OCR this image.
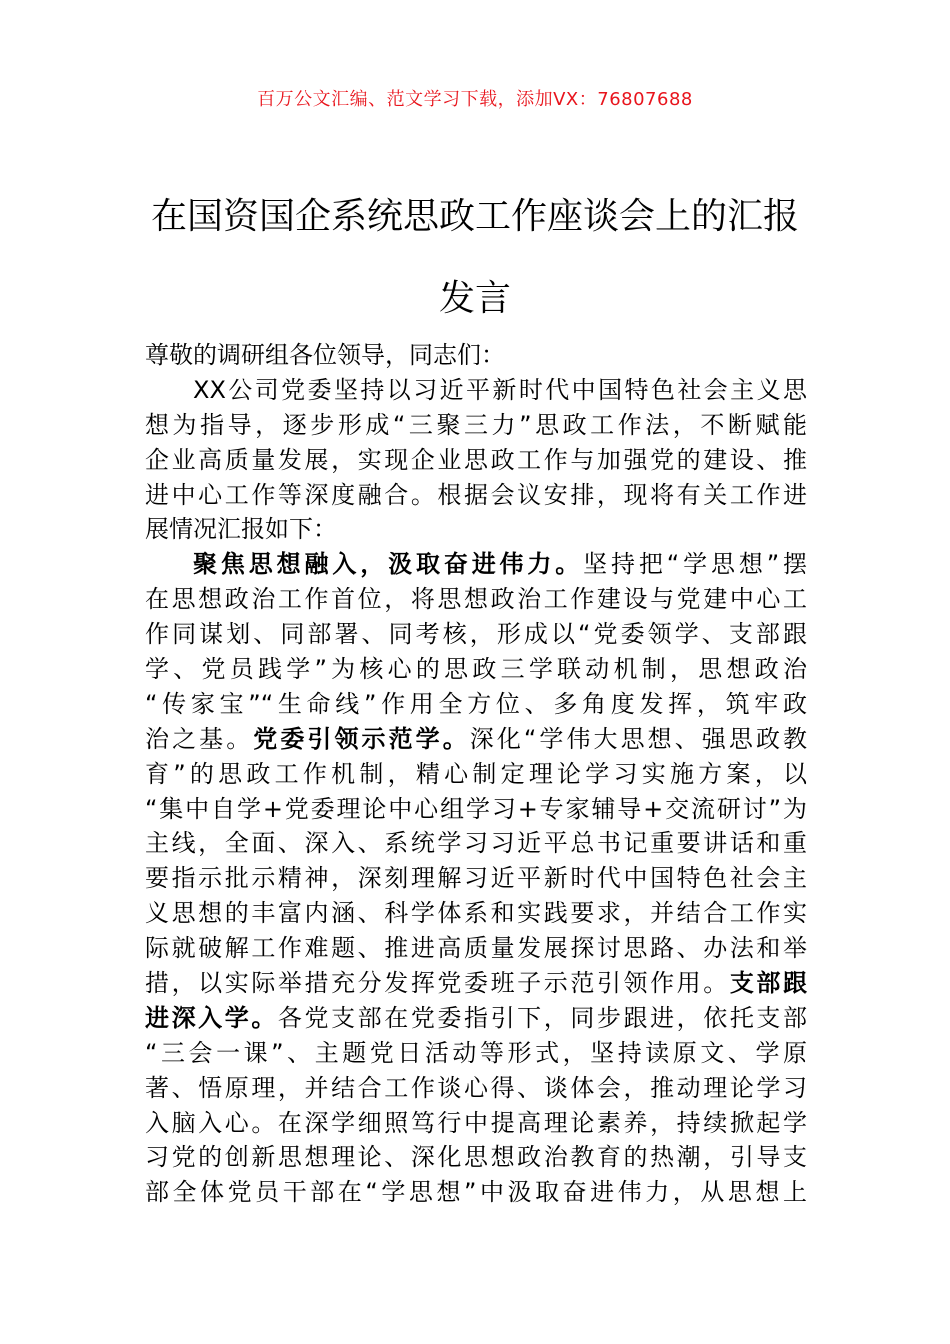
百万公文汇编、范文学习下载，添加VX：76807688
在国资国企系统思政工作座谈会上的汇报
发言
尊敬的调研组各位领导，同志们：
XX公司党委坚持以习近平新时代中国特色社会主义思
想为指导，逐步形成“三聚三力”思政工作法，不断赋能
企业高质量发展，实现企业思政工作与加强党的建设、推
进中心工作等深度融合。根据会议安排，现将有关工作进
展情况汇报如下：
聚焦思想融入，汲取奋进伟力。坚持把“学思想”摆
在思想政治工作首位，将思想政治工作建设与党建中心工
作同谋划、同部署、同考核，形成以“党委领学、支部跟
学、党员践学”为核心的思政三学联动机制，思想政治
“传家宝”“生命线”作用全方位、多角度发挥，筑牢政
治之基。党委引领示范学。深化“学伟大思想、强思政教
育”的思政工作机制，精心制定理论学习实施方案，以
“集中自学+党委理论中心组学习+专家辅导+交流研讨”为
主线，全面、深入、系统学习习近平总书记重要讲话和重
要指示批示精神，深刻理解习近平新时代中国特色社会主
义思想的丰富内涵、科学体系和实践要求，并结合工作实
际就破解工作难题、推进高质量发展探讨思路、办法和举
措，以实际举措充分发挥党委班子示范引领作用。支部跟
进深入学。各党支部在党委指引下，同步跟进，依托支部
“三会一课”、主题党日活动等形式，坚持读原文、学原
著、悟原理，并结合工作谈心得、谈体会，推动理论学习
入脑入心。在深学细照笃行中提高理论素养，持续掀起学
习党的创新思想理论、深化思想政治教育的热潮，引导支
部全体党员干部在“学思想”中汲取奋进伟力，从思想上
